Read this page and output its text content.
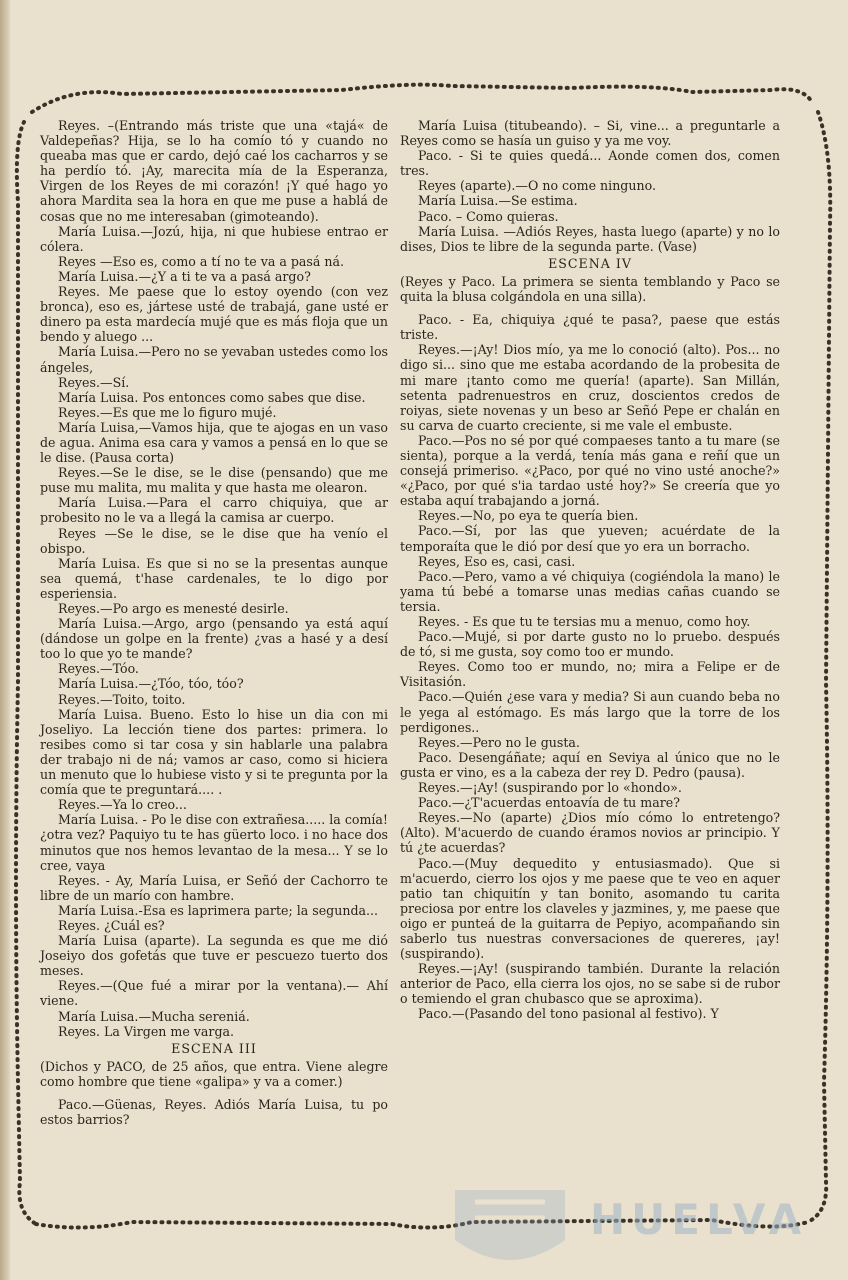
Reyes. –(Entrando más triste que una «tajá« de Valdepeñas? Hija, se lo ha comío tó y cuando no queaba mas que er cardo, dejó caé los cacharros y se ha perdío tó. ¡Ay, marecita mía de la Esperanza, Virgen de los Reyes de mi corazón! ¡Y qué hago yo ahora Mardita sea la hora en que me puse a hablá de cosas que no me interesaban (gimoteando).

María Luisa.—Jozú, hija, ni que hubiese entrao er cólera.

Reyes —Eso es, como a tí no te va a pasá ná.

María Luisa.—¿Y a ti te va a pasá argo?

Reyes. Me paese que lo estoy oyendo (con vez bronca), eso es, jártese usté de trabajá, gane usté er dinero pa esta mardecía mujé que es más floja que un bendo y aluego ...

María Luisa.—Pero no se yevaban ustedes como los ángeles,

Reyes.—Sí.

María Luisa. Pos entonces como sabes que dise.

Reyes.—Es que me lo figuro mujé.

María Luisa,—Vamos hija, que te ajogas en un vaso de agua. Anima esa cara y vamos a pensá en lo que se le dise. (Pausa corta)

Reyes.—Se le dise, se le dise (pensando) que me puse mu malita, mu malita y que hasta me olearon.

María Luisa.—Para el carro chiquiya, que ar probesito no le va a llegá la camisa ar cuerpo.

Reyes —Se le dise, se le dise que ha venío el obispo.

María Luisa. Es que si no se la presentas aunque sea quemá, t'hase cardenales, te lo digo por esperiensia.

Reyes.—Po argo es menesté desirle.

María Luisa.—Argo, argo (pensando ya está aquí (dándose un golpe en la frente) ¿vas a hasé y a desí too lo que yo te mande?

Reyes.—Tóo.

María Luisa.—¿Tóo, tóo, tóo?

Reyes.—Toito, toito.

María Luisa. Bueno. Esto lo hise un dia con mi Joseliyo. La lección tiene dos partes: primera. lo resibes como si tar cosa y sin hablarle una palabra der trabajo ni de ná; vamos ar caso, como si hiciera un menuto que lo hubiese visto y si te pregunta por la comía que te preguntará.... .

Reyes.—Ya lo creo...

María Luisa. - Po le dise con extrañesa..... la comía! ¿otra vez? Paquiyo tu te has güerto loco. i no hace dos minutos que nos hemos levantao de la mesa... Y se lo cree, vaya

Reyes. - Ay, María Luisa, er Señó der Cachorro te libre de un marío con hambre.

María Luisa.-Esa es laprimera parte; la segunda...

Reyes. ¿Cuál es?

María Luisa (aparte). La segunda es que me dió Joseiyo dos gofetás que tuve er pescuezo tuerto dos meses.

Reyes.—(Que fué a mirar por la ventana).— Ahí viene.

María Luisa.—Mucha sereniá.

Reyes. La Virgen me varga.

ESCENA III

(Dichos y PACO, de 25 años, que entra. Viene alegre como hombre que tiene «galipa» y va a comer.)

Paco.—Güenas, Reyes. Adiós María Luisa, tu po estos barrios?

María Luisa (titubeando). – Si, vine... a preguntarle a Reyes como se hasía un guiso y ya me voy.

Paco. - Si te quies quedá... Aonde comen dos, comen tres.

Reyes (aparte).—O no come ninguno.

María Luisa.—Se estima.

Paco. – Como quieras.

María Luisa. —Adiós Reyes, hasta luego (aparte) y no lo dises, Dios te libre de la segunda parte. (Vase)

ESCENA IV

(Reyes y Paco. La primera se sienta temblando y Paco se quita la blusa colgándola en una silla).

Paco. - Ea, chiquiya ¿qué te pasa?, paese que estás triste.

Reyes.—¡Ay! Dios mío, ya me lo conoció (alto). Pos... no digo si... sino que me estaba acordando de la probesita de mi mare ¡tanto como me quería! (aparte). San Millán, setenta padrenuestros en cruz, doscientos credos de roiyas, siete novenas y un beso ar Señó Pepe er chalán en su carva de cuarto creciente, si me vale el embuste.

Paco.—Pos no sé por qué compaeses tanto a tu mare (se sienta), porque a la verdá, tenía más gana e reñí que un consejá primeriso. «¿Paco, por qué no vino usté anoche?» «¿Paco, por qué s'ia tardao usté hoy?» Se creería que yo estaba aquí trabajando a jorná.

Reyes.—No, po eya te quería bien.

Paco.—Sí, por las que yueven; acuérdate de la temporaíta que le dió por desí que yo era un borracho.

Reyes, Eso es, casi, casi.

Paco.—Pero, vamo a vé chiquiya (cogiéndola la mano) le yama tú bebé a tomarse unas medias cañas cuando se tersia.

Reyes. - Es que tu te tersias mu a menuo, como hoy.

Paco.—Mujé, si por darte gusto no lo pruebo. después de tó, si me gusta, soy como too er mundo.

Reyes. Como too er mundo, no; mira a Felipe er de Visitasión.

Paco.—Quién ¿ese vara y media? Si aun cuando beba no le yega al estómago. Es más largo que la torre de los perdigones..

Reyes.—Pero no le gusta.

Paco. Desengáñate; aquí en Seviya al único que no le gusta er vino, es a la cabeza der rey D. Pedro (pausa).

Reyes.—¡Ay! (suspirando por lo «hondo».

Paco.—¿T'acuerdas entoavía de tu mare?

Reyes.—No (aparte) ¿Dios mío cómo lo entretengo? (Alto). M'acuerdo de cuando éramos novios ar principio. Y tú ¿te acuerdas?

Paco.—(Muy dequedito y entusiasmado). Que si m'acuerdo, cierro los ojos y me paese que te veo en aquer patio tan chiquitín y tan bonito, asomando tu carita preciosa por entre los claveles y jazmines, y, me paese que oigo er punteá de la guitarra de Pepiyo, acompañando sin saberlo tus nuestras conversaciones de quereres, ¡ay! (suspirando).

Reyes.—¡Ay! (suspirando también. Durante la relación anterior de Paco, ella cierra los ojos, no se sabe si de rubor o temiendo el gran chubasco que se aproxima).

Paco.—(Pasando del tono pasional al festivo). Y

HUELVA
